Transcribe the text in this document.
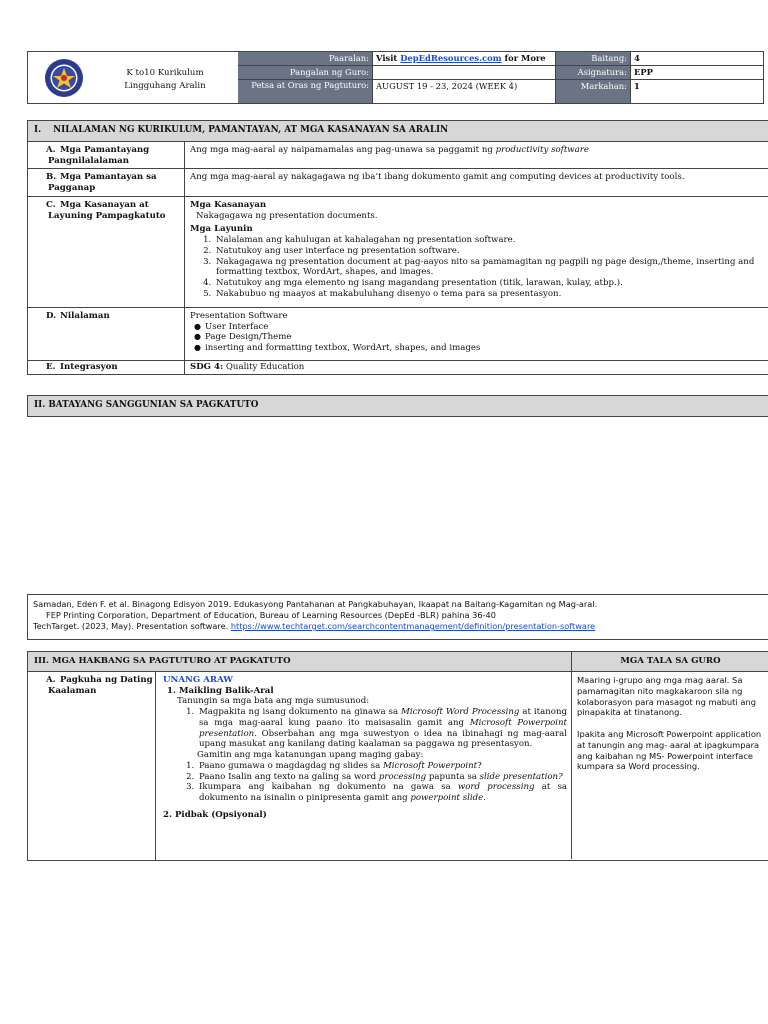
K to10 Kurikulum
Lingguhang Aralin
Paaralan: Visit DepEdResources.com for More	Baitang: 4
Pangalan ng Guro:	Asignatura: EPP
Petsa at Oras ng Pagtuturo: AUGUST 19 - 23, 2024 (WEEK 4)	Markahan: 1
I. NILALAMAN NG KURIKULUM, PAMANTAYAN, AT MGA KASANAYAN SA ARALIN
A. Mga Pamantayang Pangnilalalaman
Ang mga mag-aaral ay naipamamalas ang pag-unawa sa paggamit ng productivity software
B. Mga Pamantayan sa Pagganap
Ang mga mag-aaral ay nakagagawa ng iba’t ibang dokumento gamit ang computing devices at productivity tools.
C. Mga Kasanayan at Layuning Pampagkatuto
Mga Kasanayan
Nakagagawa ng presentation documents.
Mga Layunin
1. Nalalaman ang kahulugan at kahalagahan ng presentation software.
2. Natutukoy ang user interface ng presentation software.
3. Nakagagawa ng presentation document at pag-aayos nito sa pamamagitan ng pagpili ng page design,/theme, inserting and formatting textbox, WordArt, shapes, and images.
4. Natutukoy ang mga elemento ng isang magandang presentation (titik, larawan, kulay, atbp.).
5. Nakabubuo ng maayos at makabuluhang disenyo o tema para sa presentasyon.
D. Nilalaman	Presentation Software
● User Interface
● Page Design/Theme
● inserting and formatting textbox, WordArt, shapes, and images
E. Integrasyon	SDG 4: Quality Education
II. BATAYANG SANGGUNIAN SA PAGKATUTO
Samadan, Eden F. et al. Binagong Edisyon 2019. Edukasyong Pantahanan at Pangkabuhayan, Ikaapat na Baitang-Kagamitan ng Mag-aral.
FEP Printing Corporation, Department of Education, Bureau of Learning Resources (DepEd -BLR) pahina 36-40
TechTarget. (2023, May). Presentation software. https://www.techtarget.com/searchcontentmanagement/definition/presentation-software
III. MGA HAKBANG SA PAGTUTURO AT PAGKATUTO	MGA TALA SA GURO
A. Pagkuha ng Dating Kaalaman
UNANG ARAW
1. Maikling Balik-Aral
Tanungin sa mga bata ang mga sumusunod:
1. Magpakita ng isang dokumento na ginawa sa Microsoft Word Processing at itanong sa mga mag-aaral kung paano ito maisasalin gamit ang Microsoft Powerpoint presentation. Obserbahan ang mga suwestyon o idea na ibinahagi ng mag-aaral upang masukat ang kanilang dating kaalaman sa paggawa ng presentasyon.
Gamitin ang mga katanungan upang maging gabay:
1. Paano gumawa o magdagdag ng slides sa Microsoft Powerpoint?
2. Paano Isalin ang texto na galing sa word processing papunta sa slide presentation?
3. Ikumpara ang kaibahan ng dokumento na gawa sa word processing at sa dokumento na isinalin o pinipresenta gamit ang powerpoint slide.
2. Pidbak (Opsiyonal)
Maaring i-grupo ang mga mag aaral. Sa pamamagitan nito magkakaroon sila ng kolaborasyon para masagot ng mabuti ang pinapakita at tinatanong.
Ipakita ang Microsoft Powerpoint application at tanungin ang mag- aaral at ipagkumpara ang kaibahan ng MS- Powerpoint interface kumpara sa Word processing.
